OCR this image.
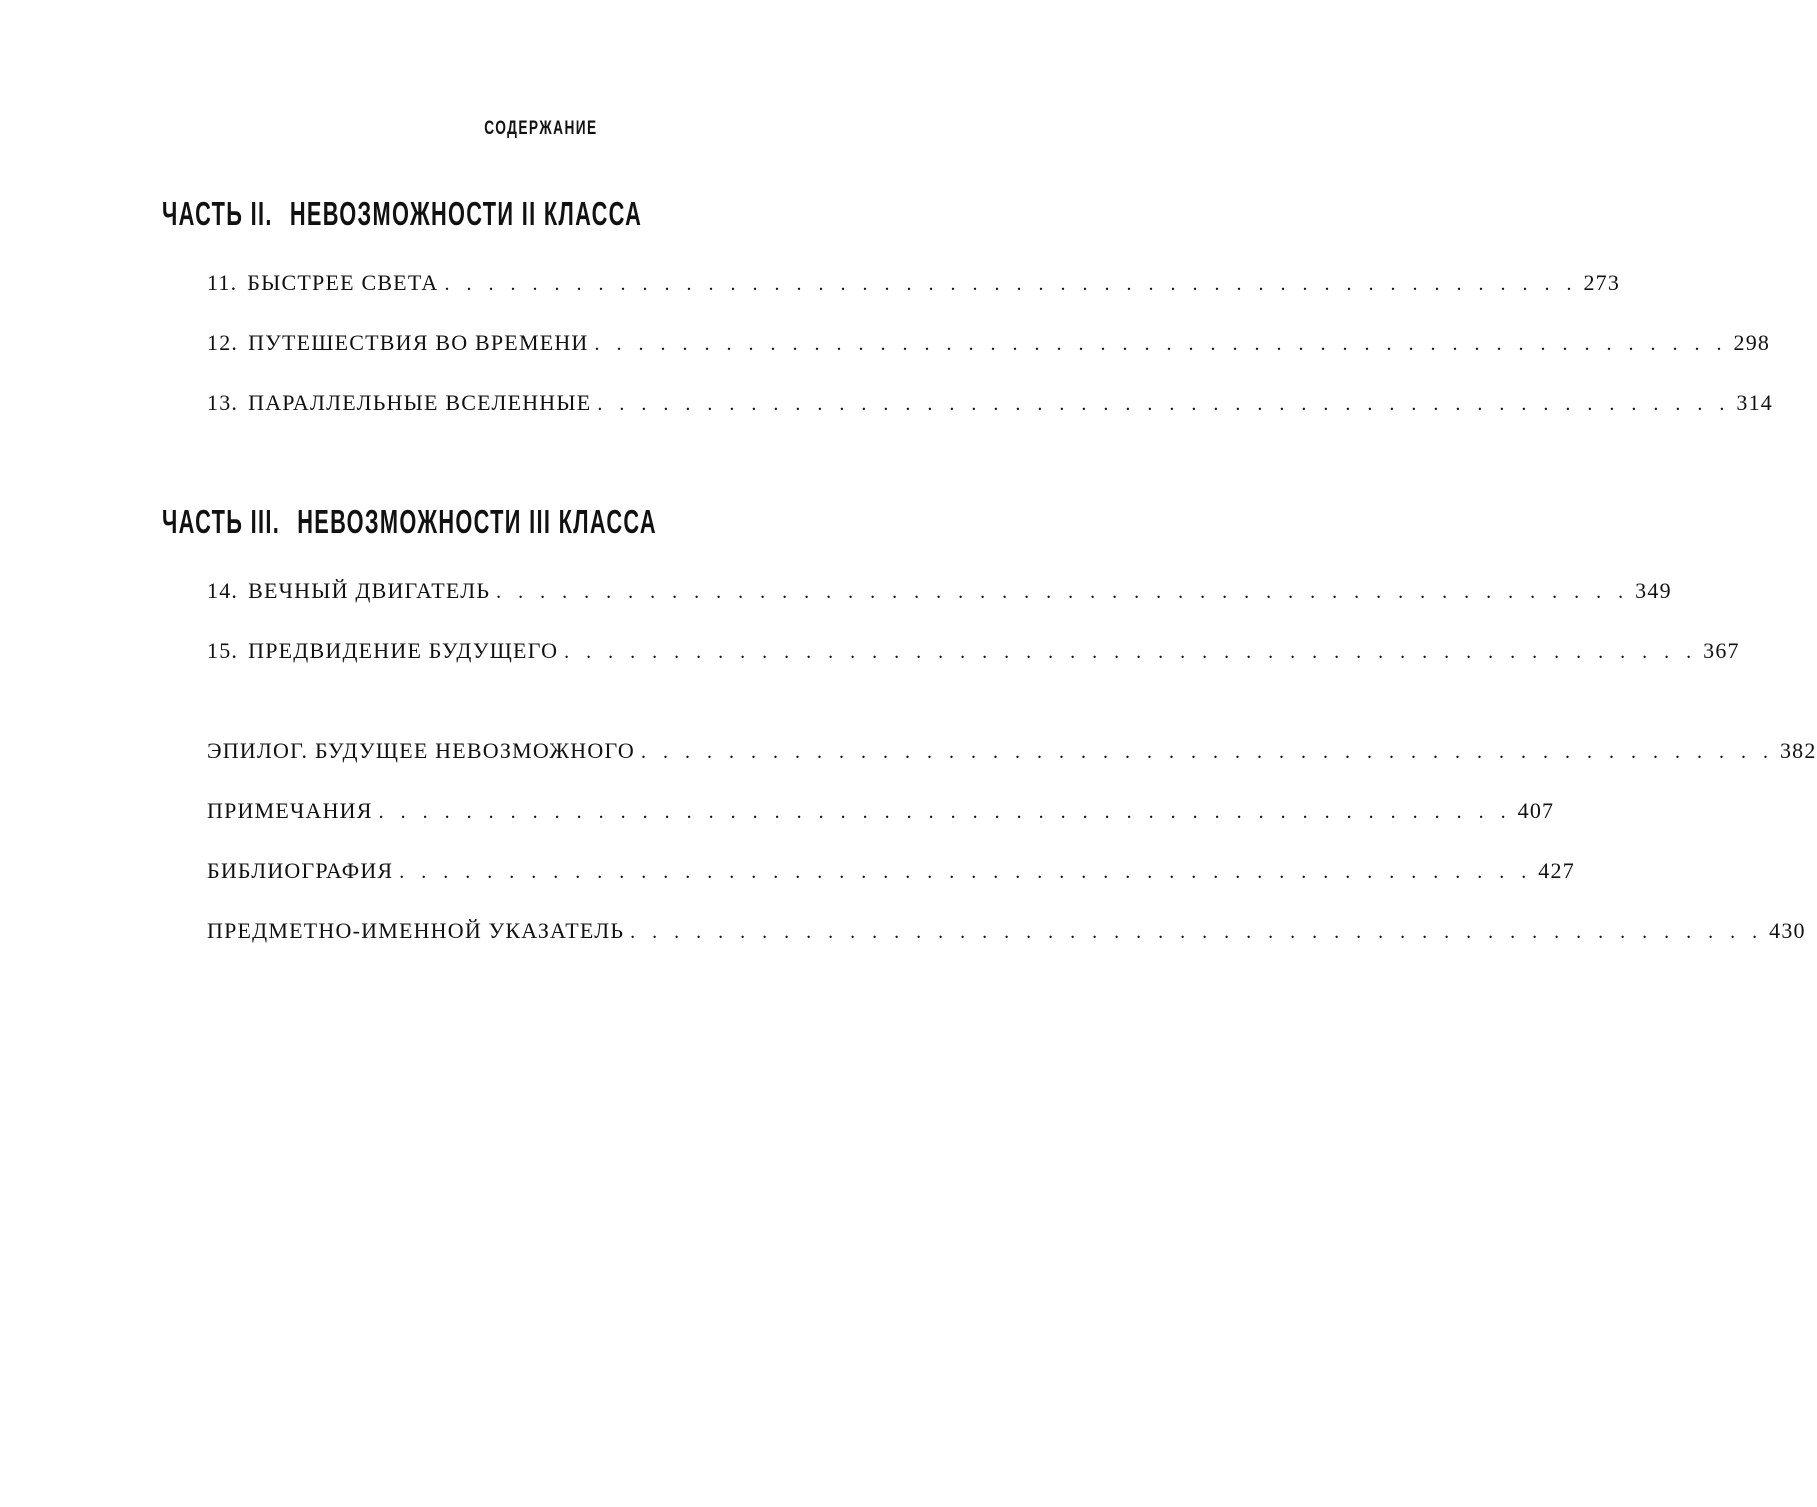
СОДЕРЖАНИЕ
ЧАСТЬ II. НЕВОЗМОЖНОСТИ II КЛАССА
11. БЫСТРЕЕ СВЕТА . . . . . . . . . . . . . . . . . . . . . . . . . . . . . . . . . . . . . . . . . . . . . . . . . . . . 273
12. ПУТЕШЕСТВИЯ ВО ВРЕМЕНИ . . . . . . . . . . . . . . . . . . . . . . . . . . . . . . . . . . . . . . . . . . . . . . . . . . . . 298
13. ПАРАЛЛЕЛЬНЫЕ ВСЕЛЕННЫЕ . . . . . . . . . . . . . . . . . . . . . . . . . . . . . . . . . . . . . . . . . . . . . . . . . . . . 314
ЧАСТЬ III. НЕВОЗМОЖНОСТИ III КЛАССА
14. ВЕЧНЫЙ ДВИГАТЕЛЬ . . . . . . . . . . . . . . . . . . . . . . . . . . . . . . . . . . . . . . . . . . . . . . . . . . . . 349
15. ПРЕДВИДЕНИЕ БУДУЩЕГО . . . . . . . . . . . . . . . . . . . . . . . . . . . . . . . . . . . . . . . . . . . . . . . . . . . . 367
ЭПИЛОГ. БУДУЩЕЕ НЕВОЗМОЖНОГО . . . . . . . . . . . . . . . . . . . . . . . . . . . . . . . . . . . . . . . . . . . . . . . . . . . . 382
ПРИМЕЧАНИЯ . . . . . . . . . . . . . . . . . . . . . . . . . . . . . . . . . . . . . . . . . . . . . . . . . . . . 407
БИБЛИОГРАФИЯ . . . . . . . . . . . . . . . . . . . . . . . . . . . . . . . . . . . . . . . . . . . . . . . . . . . . 427
ПРЕДМЕТНО-ИМЕННОЙ УКАЗАТЕЛЬ . . . . . . . . . . . . . . . . . . . . . . . . . . . . . . . . . . . . . . . . . . . . . . . . . . . . 430
